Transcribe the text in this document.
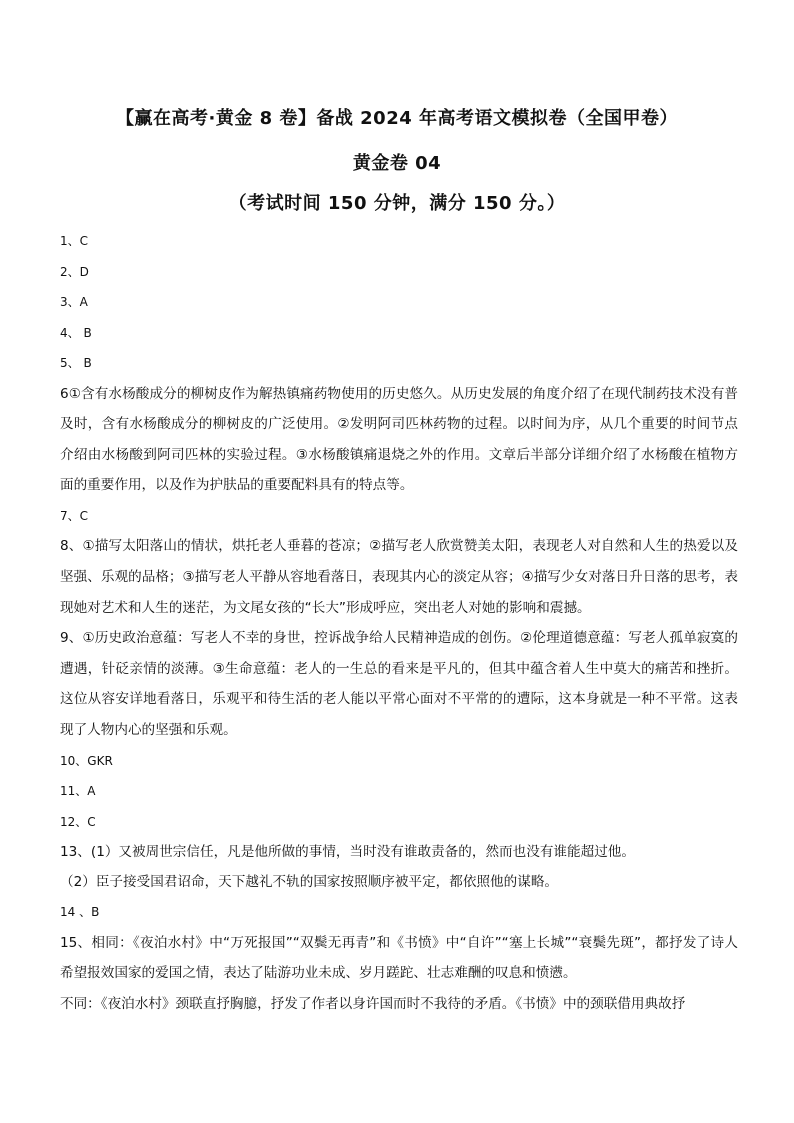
【赢在高考·黄金 8 卷】备战 2024 年高考语文模拟卷（全国甲卷）
黄金卷 04
（考试时间 150 分钟，满分 150 分。）
1、C
2、D
3、A
4、 B
5、 B

6①含有水杨酸成分的柳树皮作为解热镇痛药物使用的历史悠久。从历史发展的角度介绍了在现代制药技术没有普及时，含有水杨酸成分的柳树皮的广泛使用。②发明阿司匹林药物的过程。以时间为序，从几个重要的时间节点介绍由水杨酸到阿司匹林的实验过程。③水杨酸镇痛退烧之外的作用。文章后半部分详细介绍了水杨酸在植物方面的重要作用，以及作为护肤品的重要配料具有的特点等。

7、C

8、①描写太阳落山的情状，烘托老人垂暮的苍凉；②描写老人欣赏赞美太阳，表现老人对自然和人生的热爱以及坚强、乐观的品格；③描写老人平静从容地看落日，表现其内心的淡定从容；④描写少女对落日升日落的思考，表现她对艺术和人生的迷茫，为文尾女孩的“长大”形成呼应，突出老人对她的影响和震撼。

9、①历史政治意蕴：写老人不幸的身世，控诉战争给人民精神造成的创伤。②伦理道德意蕴：写老人孤单寂寞的遭遇，针砭亲情的淡薄。③生命意蕴：老人的一生总的看来是平凡的，但其中蕴含着人生中莫大的痛苦和挫折。这位从容安详地看落日，乐观平和待生活的老人能以平常心面对不平常的的遭际，这本身就是一种不平常。这表现了人物内心的坚强和乐观。

10、GKR
11、A
12、C

13、(1）又被周世宗信任，凡是他所做的事情，当时没有谁敢责备的，然而也没有谁能超过他。

（2）臣子接受国君诏命，天下越礼不轨的国家按照顺序被平定，都依照他的谋略。

14 、B

15、相同：《夜泊水村》中“万死报国”“双鬓无再青”和《书愤》中“自许”“塞上长城”“衰鬓先斑”，都抒发了诗人希望报效国家的爱国之情，表达了陆游功业未成、岁月蹉跎、壮志难酬的叹息和愤懑。

不同：《夜泊水村》颈联直抒胸臆，抒发了作者以身许国而时不我待的矛盾。《书愤》中的颈联借用典故抒
